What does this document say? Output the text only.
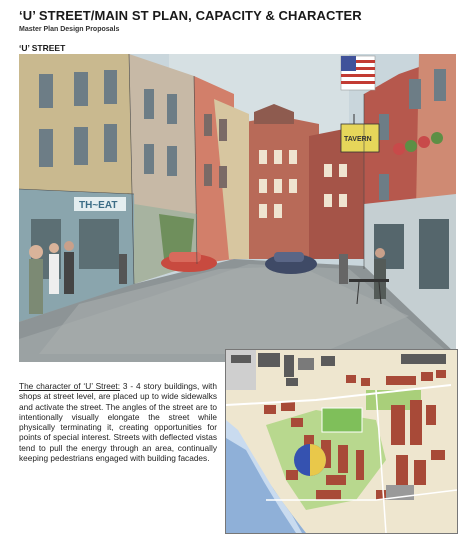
‘U’ STREET/MAIN ST PLAN, CAPACITY & CHARACTER
Master Plan Design Proposals
‘U’ STREET
TH~EAT
TAVERN
The character of ‘U’ Street: 3 - 4 story buildings, with shops at street level, are placed up to wide sidewalks and activate the street. The angles of the street are to intentionally visually elongate the street while physically terminating it, creating opportunities for points of special interest. Streets with deflected vistas tend to pull the energy through an area, continually keeping pedestrians engaged with building facades.
